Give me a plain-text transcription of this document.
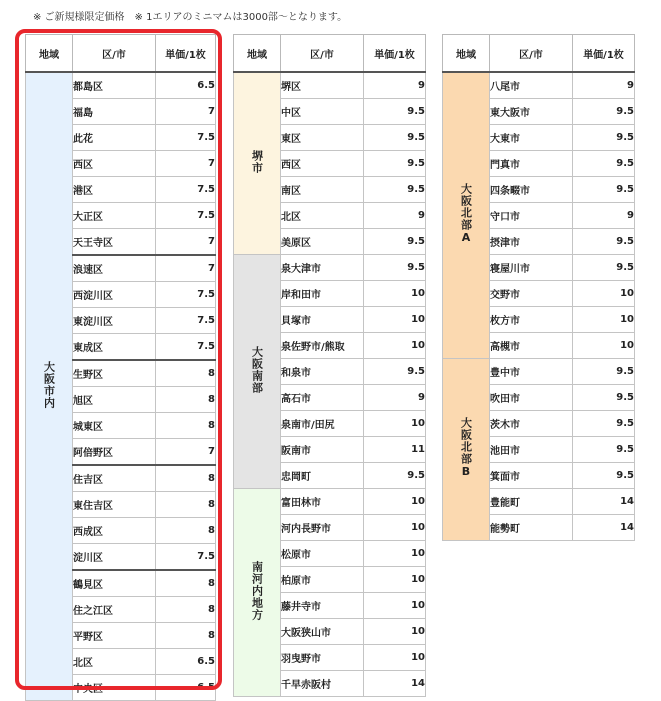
※ ご新規様限定価格　※ 1エリアのミニマムは3000部～となります。
地域	区/市	単価/1枚
大阪市内	都島区	6.5
	福島	7
	此花	7.5
	西区	7
	港区	7.5
	大正区	7.5
	天王寺区	7
	浪速区	7
	西淀川区	7.5
	東淀川区	7.5
	東成区	7.5
	生野区	8
	旭区	8
	城東区	8
	阿倍野区	7
	住吉区	8
	東住吉区	8
	西成区	8
	淀川区	7.5
	鶴見区	8
	住之江区	8
	平野区	8
	北区	6.5
	中央区	6.5
地域	区/市	単価/1枚
堺市	堺区	9
	中区	9.5
	東区	9.5
	西区	9.5
	南区	9.5
	北区	9
	美原区	9.5
大阪南部	泉大津市	9.5
	岸和田市	10
	貝塚市	10
	泉佐野市/熊取	10
	和泉市	9.5
	高石市	9
	泉南市/田尻	10
	阪南市	11
	忠岡町	9.5
南河内地方	富田林市	10
	河内長野市	10
	松原市	10
	柏原市	10
	藤井寺市	10
	大阪狭山市	10
	羽曳野市	10
	千早赤阪村	14
地域	区/市	単価/1枚
大阪北部A	八尾市	9
	東大阪市	9.5
	大東市	9.5
	門真市	9.5
	四条畷市	9.5
	守口市	9
	摂津市	9.5
	寝屋川市	9.5
	交野市	10
	枚方市	10
	高槻市	10
大阪北部B	豊中市	9.5
	吹田市	9.5
	茨木市	9.5
	池田市	9.5
	箕面市	9.5
	豊能町	14
	能勢町	14
